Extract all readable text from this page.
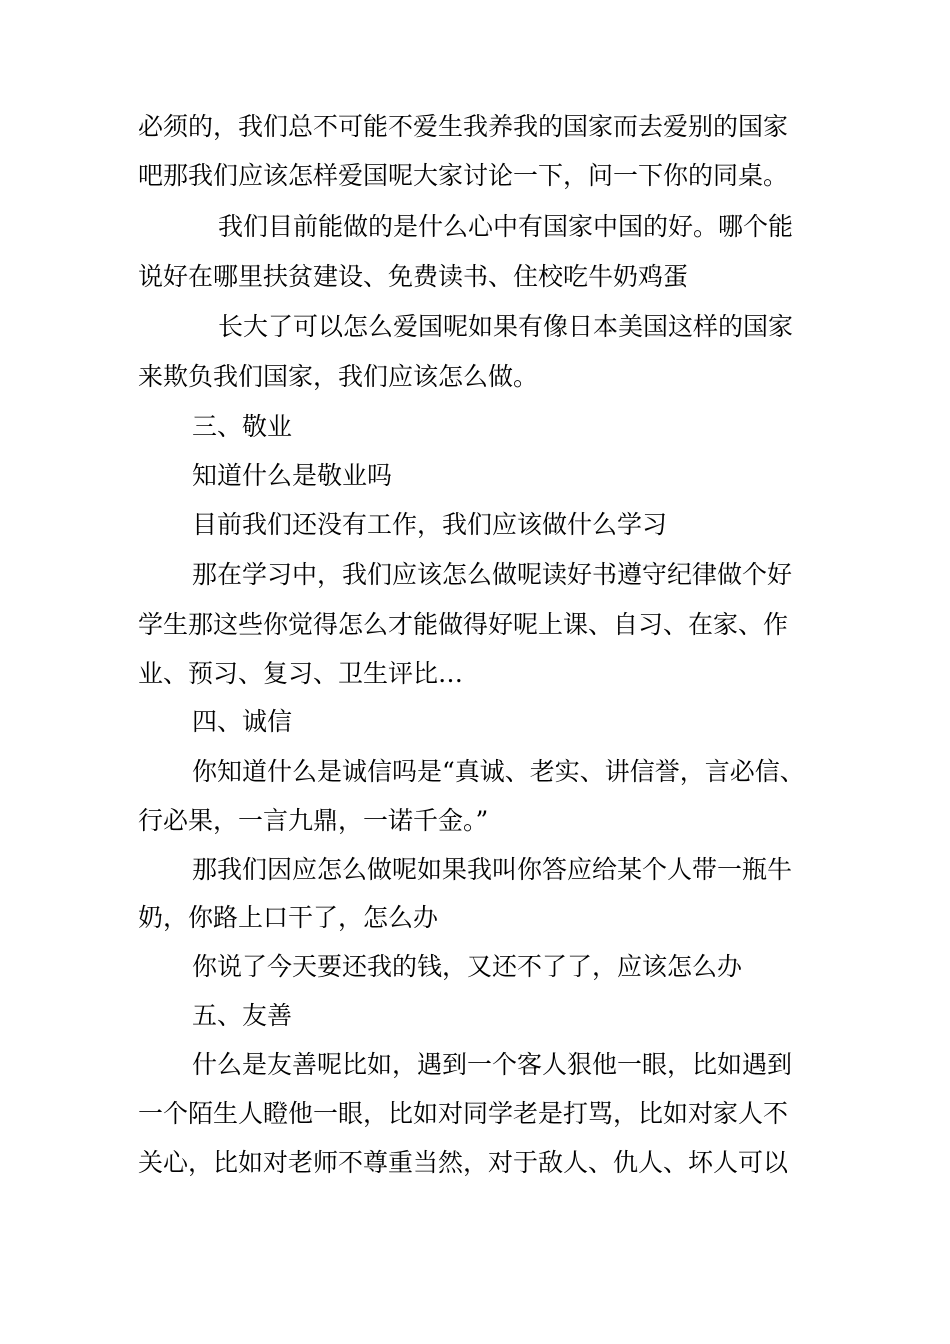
必须的，我们总不可能不爱生我养我的国家而去爱别的国家
吧那我们应该怎样爱国呢大家讨论一下，问一下你的同桌。
我们目前能做的是什么心中有国家中国的好。哪个能
说好在哪里扶贫建设、免费读书、住校吃牛奶鸡蛋
长大了可以怎么爱国呢如果有像日本美国这样的国家
来欺负我们国家，我们应该怎么做。
三、敬业
知道什么是敬业吗
目前我们还没有工作，我们应该做什么学习
那在学习中，我们应该怎么做呢读好书遵守纪律做个好
学生那这些你觉得怎么才能做得好呢上课、自习、在家、作
业、预习、复习、卫生评比…
四、诚信
你知道什么是诚信吗是“真诚、老实、讲信誉，言必信、
行必果，一言九鼎，一诺千金。”
那我们因应怎么做呢如果我叫你答应给某个人带一瓶牛
奶，你路上口干了，怎么办
你说了今天要还我的钱，又还不了了，应该怎么办
五、友善
什么是友善呢比如，遇到一个客人狠他一眼，比如遇到
一个陌生人瞪他一眼，比如对同学老是打骂，比如对家人不
关心，比如对老师不尊重当然，对于敌人、仇人、坏人可以
